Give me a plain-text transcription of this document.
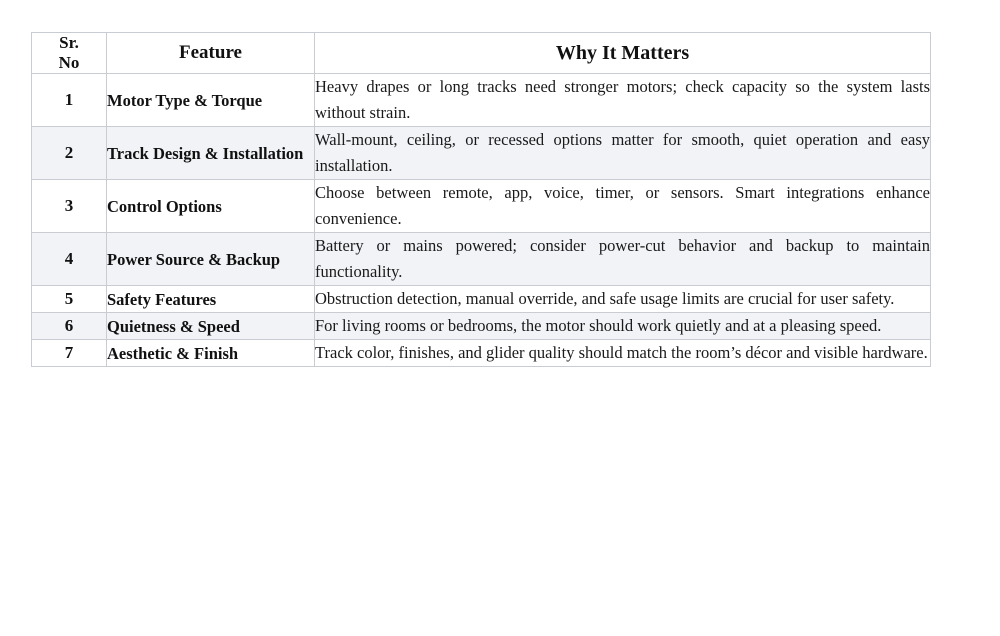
Sr.
No	Feature	Why It Matters
1	Motor Type & Torque	Heavy drapes or long tracks need stronger motors; check capacity so the system lasts without strain.
2	Track Design & Installation	Wall-mount, ceiling, or recessed options matter for smooth, quiet operation and easy installation.
3	Control Options	Choose between remote, app, voice, timer, or sensors. Smart integrations enhance convenience.
4	Power Source & Backup	Battery or mains powered; consider power-cut behavior and backup to maintain functionality.
5	Safety Features	Obstruction detection, manual override, and safe usage limits are crucial for user safety.
6	Quietness & Speed	For living rooms or bedrooms, the motor should work quietly and at a pleasing speed.
7	Aesthetic & Finish	Track color, finishes, and glider quality should match the room’s décor and visible hardware.
